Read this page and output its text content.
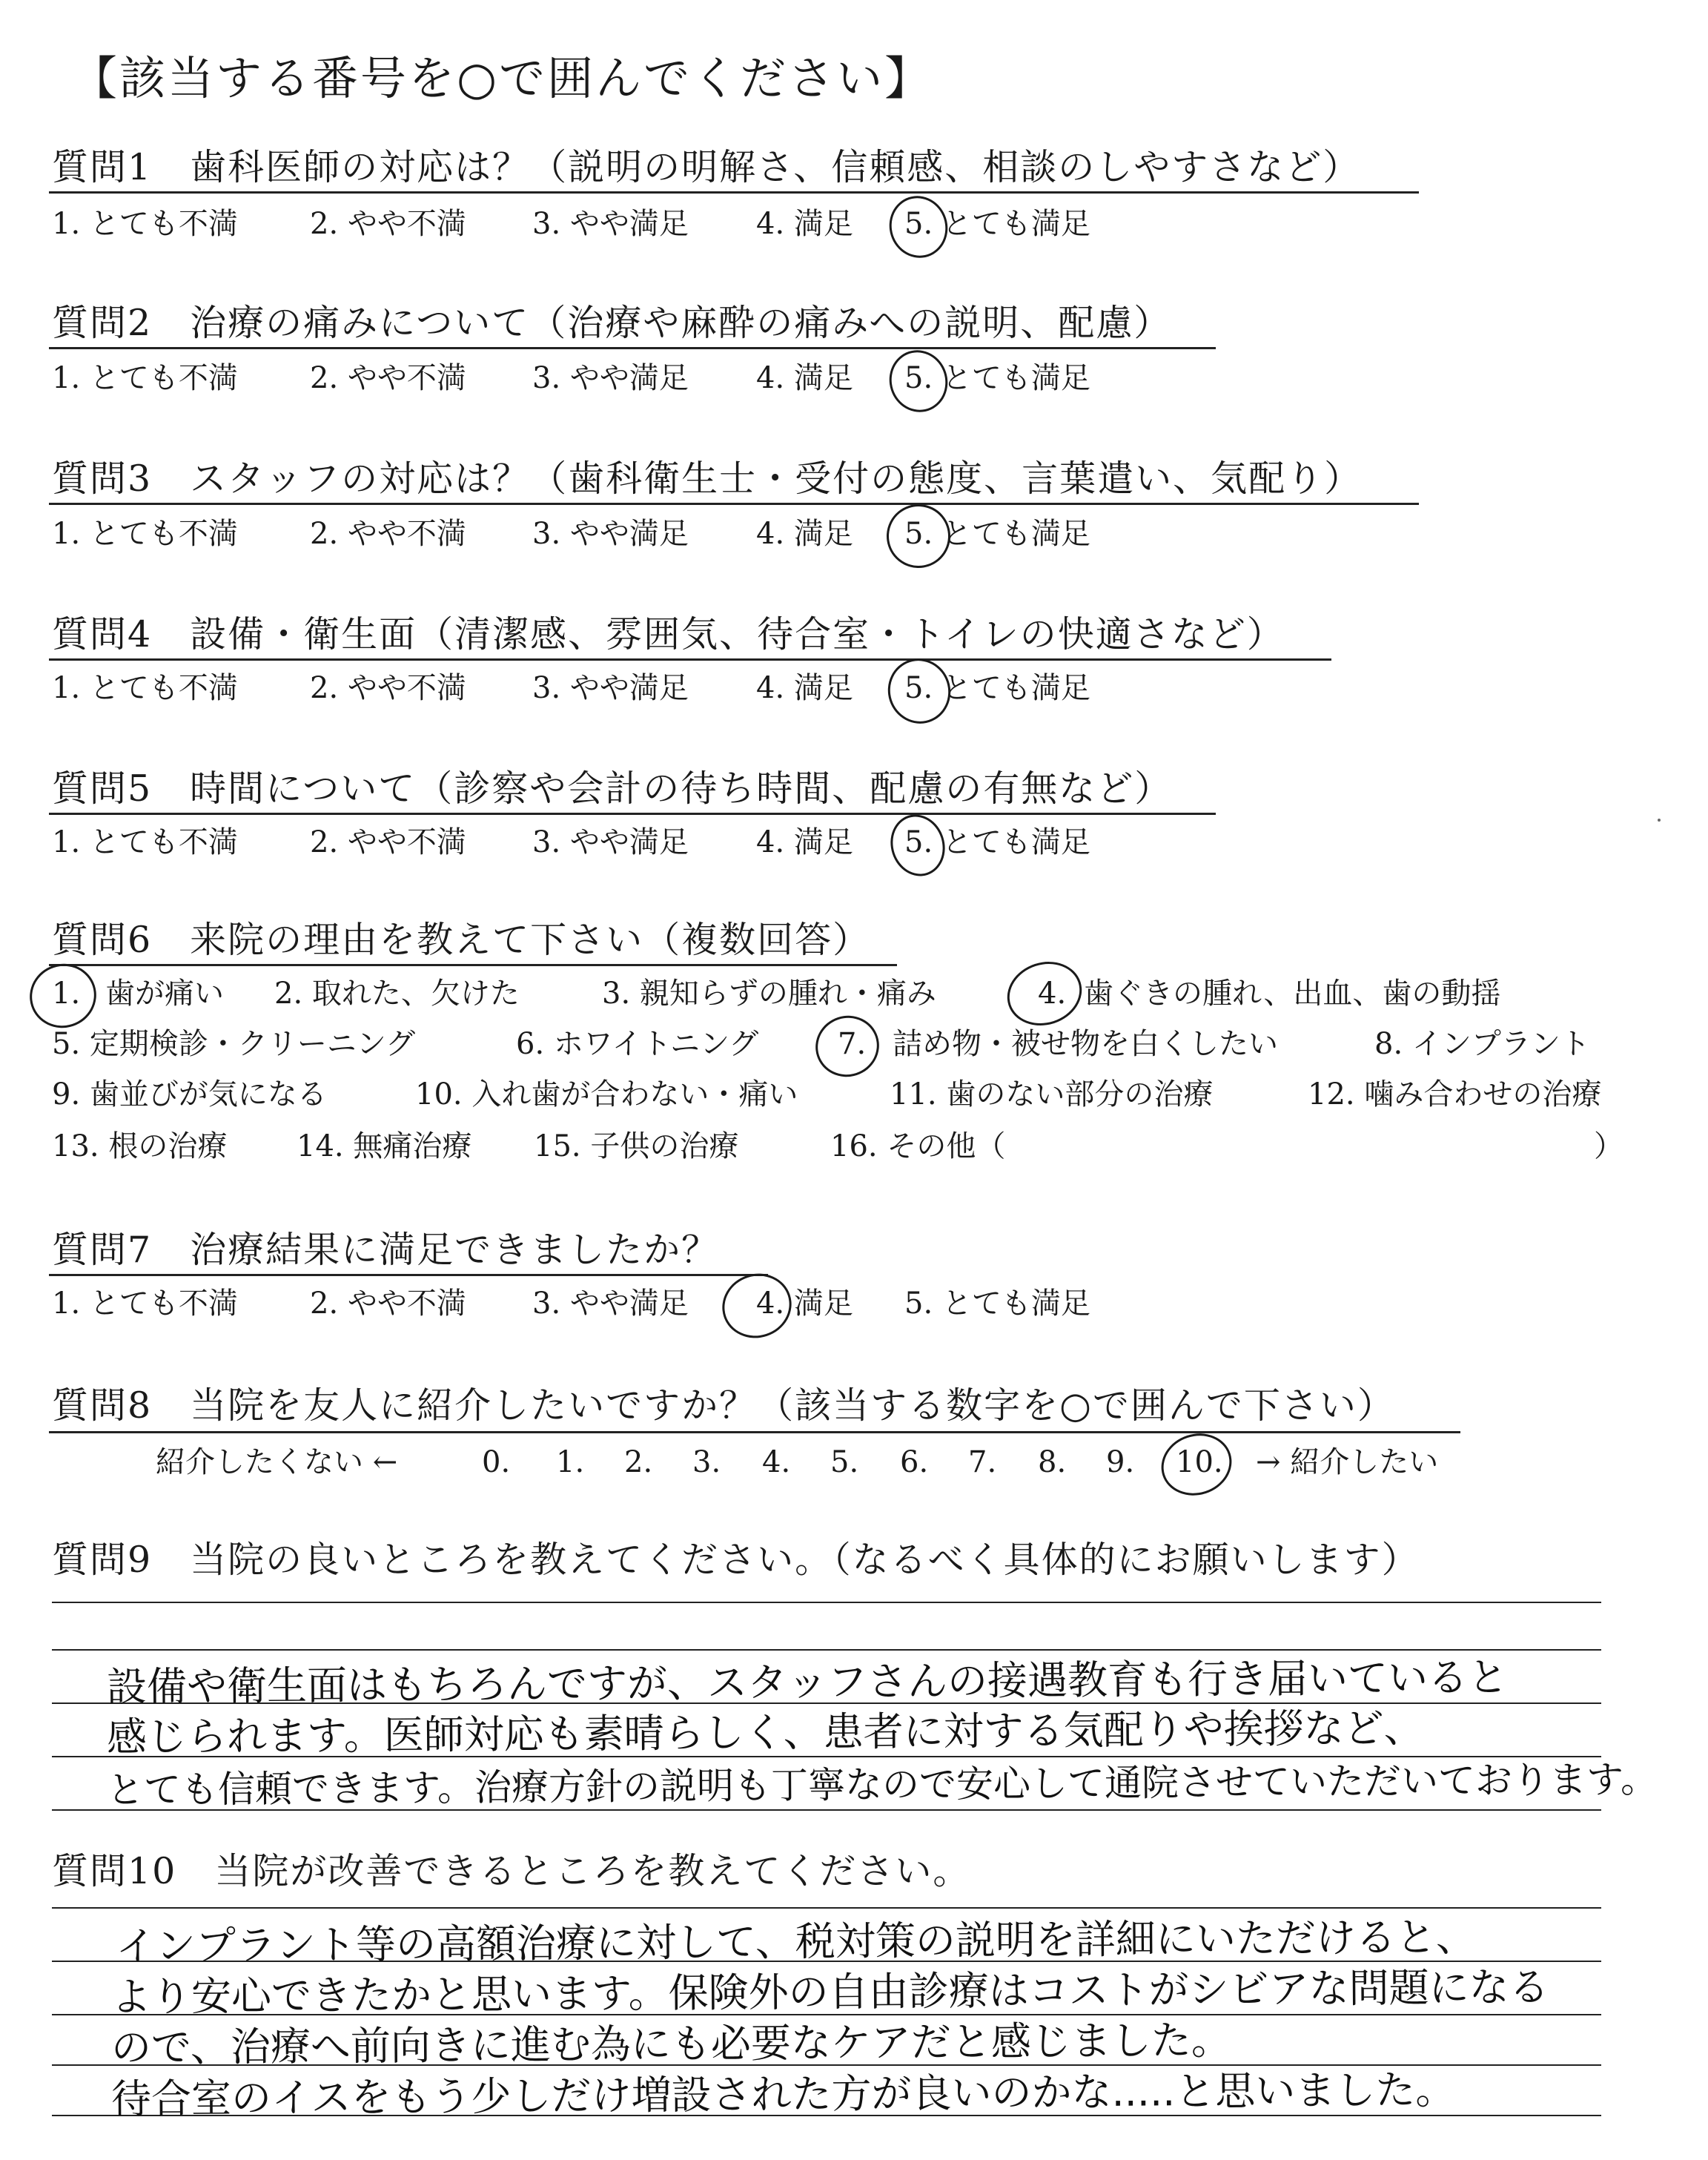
【該当する番号を○で囲んでください】
質問1　歯科医師の対応は？（説明の明解さ、信頼感、相談のしやすさなど）
1. とても不満 2. やや不満 3. やや満足 4. 満足 5. とても満足
質問2　治療の痛みについて（治療や麻酔の痛みへの説明、配慮）
1. とても不満 2. やや不満 3. やや満足 4. 満足 5. とても満足
質問3　スタッフの対応は？（歯科衛生士・受付の態度、言葉遣い、気配り）
1. とても不満 2. やや不満 3. やや満足 4. 満足 5. とても満足
質問4　設備・衛生面（清潔感、雰囲気、待合室・トイレの快適さなど）
1. とても不満 2. やや不満 3. やや満足 4. 満足 5. とても満足
質問5　時間について（診察や会計の待ち時間、配慮の有無など）
1. とても不満 2. やや不満 3. やや満足 4. 満足 5. とても満足
質問6　来院の理由を教えて下さい（複数回答）
1. 歯が痛い 2. 取れた、欠けた	3. 親知らずの腫れ・痛み	4. 歯ぐきの腫れ、出血、歯の動揺
5. 定期検診・クリーニング	6. ホワイトニング	7. 詰め物・被せ物を白くしたい	8. インプラント
9. 歯並びが気になる	10. 入れ歯が合わない・痛い	11. 歯のない部分の治療	12. 噛み合わせの治療
13. 根の治療 14. 無痛治療 15. 子供の治療	16. その他（	）
質問7　治療結果に満足できましたか？
1. とても不満 2. やや不満 3. やや満足 4. 満足 5. とても満足
質問8　当院を友人に紹介したいですか？（該当する数字を○で囲んで下さい）
紹介したくない ←	0. 1. 2. 3. 4. 5. 6. 7. 8. 9. 10. → 紹介したい
質問9　当院の良いところを教えてください。（なるべく具体的にお願いします）
設備や衛生面はもちろんですが、スタッフさんの接遇教育も行き届いていると
感じられます。医師対応も素晴らしく、患者に対する気配りや挨拶など、
とても信頼できます。治療方針の説明も丁寧なので安心して通院させていただいております。
質問10　当院が改善できるところを教えてください。
インプラント等の高額治療に対して、税対策の説明を詳細にいただけると、
より安心できたかと思います。保険外の自由診療はコストがシビアな問題になる
ので、治療へ前向きに進む為にも必要なケアだと感じました。
待合室のイスをもう少しだけ増設された方が良いのかな.....と思いました。
